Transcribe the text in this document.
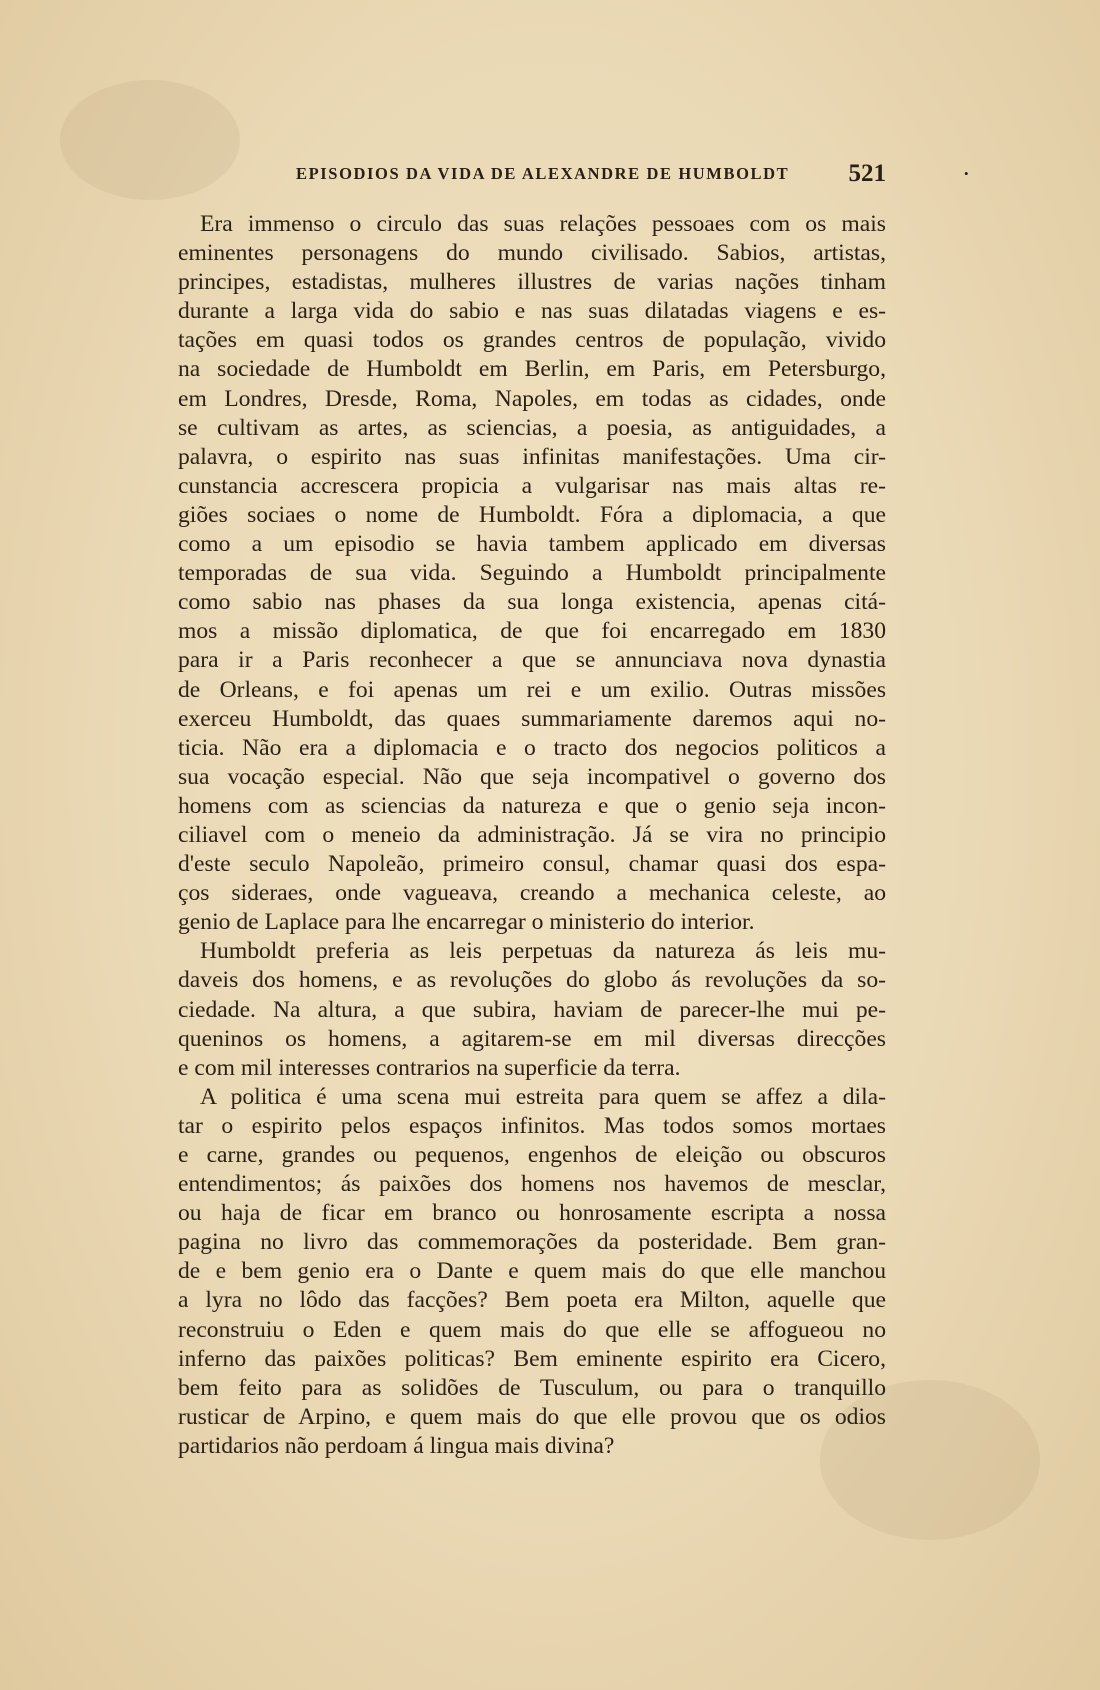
EPISODIOS DA VIDA DE ALEXANDRE DE HUMBOLDT	•
521
Era immenso o circulo das suas relações pessoaes com os mais
eminentes personagens do mundo civilisado. Sabios, artistas,
principes, estadistas, mulheres illustres de varias nações tinham
durante a larga vida do sabio e nas suas dilatadas viagens e es-
tações em quasi todos os grandes centros de população, vivido
na sociedade de Humboldt em Berlin, em Paris, em Petersburgo,
em Londres, Dresde, Roma, Napoles, em todas as cidades, onde
se cultivam as artes, as sciencias, a poesia, as antiguidades, a
palavra, o espirito nas suas infinitas manifestações. Uma cir-
cunstancia accrescera propicia a vulgarisar nas mais altas re-
giões sociaes o nome de Humboldt. Fóra a diplomacia, a que
como a um episodio se havia tambem applicado em diversas
temporadas de sua vida. Seguindo a Humboldt principalmente
como sabio nas phases da sua longa existencia, apenas citá-
mos a missão diplomatica, de que foi encarregado em 1830
para ir a Paris reconhecer a que se annunciava nova dynastia
de Orleans, e foi apenas um rei e um exilio. Outras missões
exerceu Humboldt, das quaes summariamente daremos aqui no-
ticia. Não era a diplomacia e o tracto dos negocios politicos a
sua vocação especial. Não que seja incompativel o governo dos
homens com as sciencias da natureza e que o genio seja incon-
ciliavel com o meneio da administração. Já se vira no principio
d'este seculo Napoleão, primeiro consul, chamar quasi dos espa-
ços sideraes, onde vagueava, creando a mechanica celeste, ao
genio de Laplace para lhe encarregar o ministerio do interior.
Humboldt preferia as leis perpetuas da natureza ás leis mu-
daveis dos homens, e as revoluções do globo ás revoluções da so-
ciedade. Na altura, a que subira, haviam de parecer-lhe mui pe-
queninos os homens, a agitarem-se em mil diversas direcções
e com mil interesses contrarios na superficie da terra.
A politica é uma scena mui estreita para quem se affez a dila-
tar o espirito pelos espaços infinitos. Mas todos somos mortaes
e carne, grandes ou pequenos, engenhos de eleição ou obscuros
entendimentos; ás paixões dos homens nos havemos de mesclar,
ou haja de ficar em branco ou honrosamente escripta a nossa
pagina no livro das commemorações da posteridade. Bem gran-
de e bem genio era o Dante e quem mais do que elle manchou
a lyra no lôdo das facções? Bem poeta era Milton, aquelle que
reconstruiu o Eden e quem mais do que elle se affogueou no
inferno das paixões politicas? Bem eminente espirito era Cicero,
bem feito para as solidões de Tusculum, ou para o tranquillo
rusticar de Arpino, e quem mais do que elle provou que os odios
partidarios não perdoam á lingua mais divina?
